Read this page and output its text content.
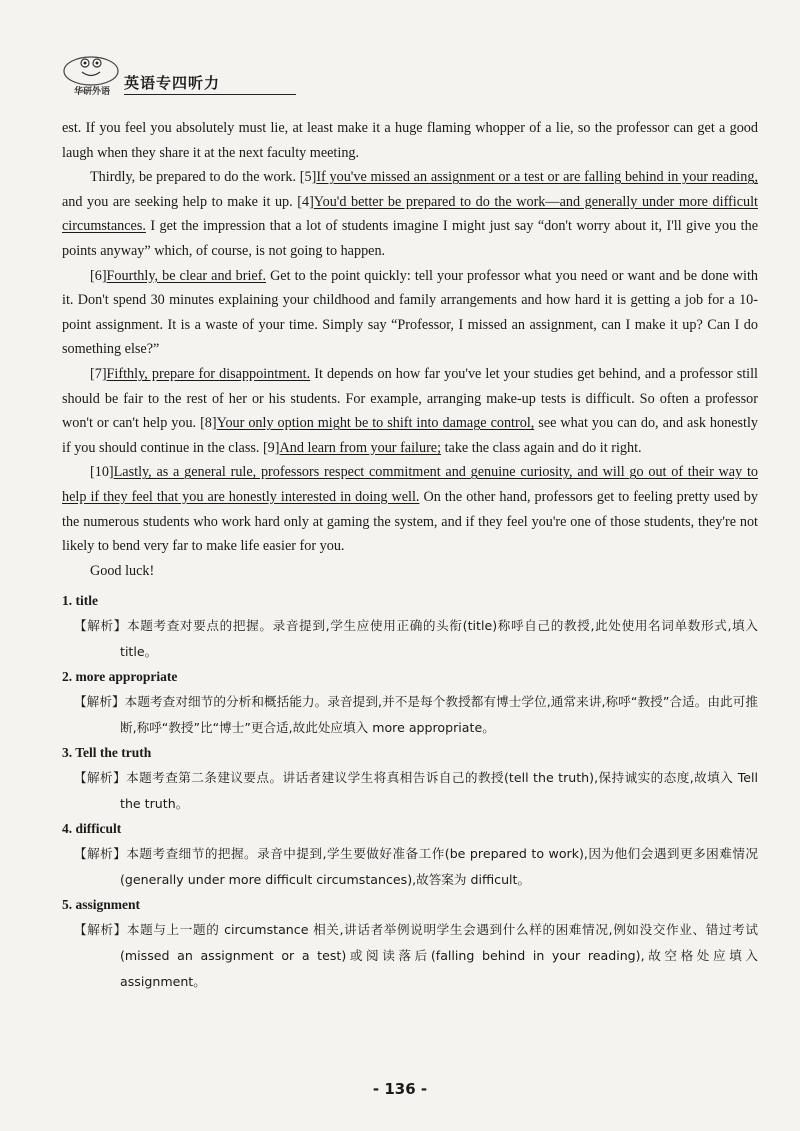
华研外语 英语专四听力

est. If you feel you absolutely must lie, at least make it a huge flaming whopper of a lie, so the professor can get a good laugh when they share it at the next faculty meeting.

Thirdly, be prepared to do the work. [5]If you've missed an assignment or a test or are falling behind in your reading, and you are seeking help to make it up. [4]You'd better be prepared to do the work—and generally under more difficult circumstances. I get the impression that a lot of students imagine I might just say “don't worry about it, I'll give you the points anyway” which, of course, is not going to happen.

[6]Fourthly, be clear and brief. Get to the point quickly: tell your professor what you need or want and be done with it. Don't spend 30 minutes explaining your childhood and family arrangements and how hard it is getting a job for a 10-point assignment. It is a waste of your time. Simply say “Professor, I missed an assignment, can I make it up? Can I do something else?”

[7]Fifthly, prepare for disappointment. It depends on how far you've let your studies get behind, and a professor still should be fair to the rest of her or his students. For example, arranging make-up tests is difficult. So often a professor won't or can't help you. [8]Your only option might be to shift into damage control, see what you can do, and ask honestly if you should continue in the class. [9]And learn from your failure; take the class again and do it right.

[10]Lastly, as a general rule, professors respect commitment and genuine curiosity, and will go out of their way to help if they feel that you are honestly interested in doing well. On the other hand, professors get to feeling pretty used by the numerous students who work hard only at gaming the system, and if they feel you're one of those students, they're not likely to bend very far to make life easier for you.

Good luck!

1. title

【解析】本题考查对要点的把握。录音提到,学生应使用正确的头衔(title)称呼自己的教授,此处使用名词单数形式,填入 title。

2. more appropriate

【解析】本题考查对细节的分析和概括能力。录音提到,并不是每个教授都有博士学位,通常来讲,称呼“教授”合适。由此可推断,称呼“教授”比“博士”更合适,故此处应填入 more appropriate。

3. Tell the truth

【解析】本题考查第二条建议要点。讲话者建议学生将真相告诉自己的教授(tell the truth),保持诚实的态度,故填入 Tell the truth。

4. difficult

【解析】本题考查细节的把握。录音中提到,学生要做好准备工作(be prepared to work),因为他们会遇到更多困难情况(generally under more difficult circumstances),故答案为 difficult。

5. assignment

【解析】本题与上一题的 circumstance 相关,讲话者举例说明学生会遇到什么样的困难情况,例如没交作业、错过考试(missed an assignment or a test)或阅读落后(falling behind in your reading),故空格处应填入 assignment。

- 136 -
